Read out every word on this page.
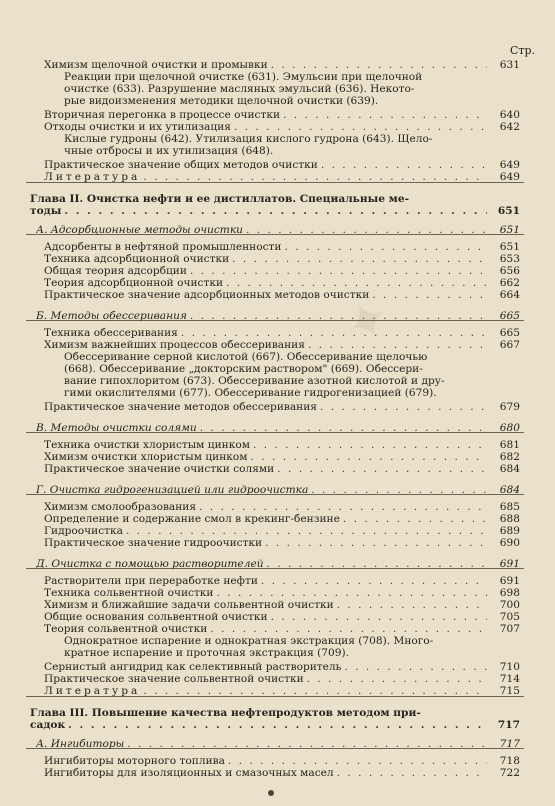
✦
Стр.
Химизм щелочной очистки и промывки . . .	631
Реакции при щелочной очистке (631). Эмульсии при щелочной
очистке (633). Разрушение масляных эмульсий (636). Некото-
рые видоизменения методики щелочной очистки (639).
Вторичная перегонка в процессе очистки . . .	640
Отходы очистки и их утилизация . . .	642
Кислые гудроны (642). Утилизация кислого гудрона (643). Щело-
чные отбросы и их утилизация (648).
Практическое значение общих методов очистки . . .	649
Литература . . .	649
Глава II. Очистка нефти и ее дистиллатов. Специальные ме-
тоды . . .	651
А. Адсорбционные методы очистки . . .	651
Адсорбенты в нефтяной промышленности . . .	651
Техника адсорбционной очистки . . .	653
Общая теория адсорбции . . .	656
Теория адсорбционной очистки . . .	662
Практическое значение адсорбционных методов очистки . . .	664
Б. Методы обессеривания . . .	665
Техника обессеривания . . .	665
Химизм важнейших процессов обессеривания . . .	667
Обессеривание серной кислотой (667). Обессеривание щелочью
(668). Обессеривание „докторским раствором" (669). Обессери-
вание гипохлоритом (673). Обессеривание азотной кислотой и дру-
гими окислителями (677). Обессеривание гидрогенизацией (679).
Практическое значение методов обессеривания . . .	679
В. Методы очистки солями . . .	680
Техника очистки хлористым цинком . . .	681
Химизм очистки хлористым цинком . . .	682
Практическое значение очистки солями . . .	684
Г. Очистка гидрогенизацией или гидроочистка . . .	684
Химизм смолообразования . . .	685
Определение и содержание смол в крекинг-бензине . . .	688
Гидроочистка . . .	689
Практическое значение гидроочистки . . .	690
Д. Очистка с помощью растворителей . . .	691
Растворители при переработке нефти . . .	691
Техника сольвентной очистки . . .	698
Химизм и ближайшие задачи сольвентной очистки . . .	700
Общие основания сольвентной очистки . . .	705
Теория сольвентной очистки . . .	707
Однократное испарение и однократная экстракция (708). Много-
кратное испарение и проточная экстракция (709).
Сернистый ангидрид как селективный растворитель . . .	710
Практическое значение сольвентной очистки . . .	714
Литература . . .	715
Глава III. Повышение качества нефтепродуктов методом при-
садок . . .	717
А. Ингибиторы . . .	717
Ингибиторы моторного топлива . . .	718
Ингибиторы для изоляционных и смазочных масел . . .	722
